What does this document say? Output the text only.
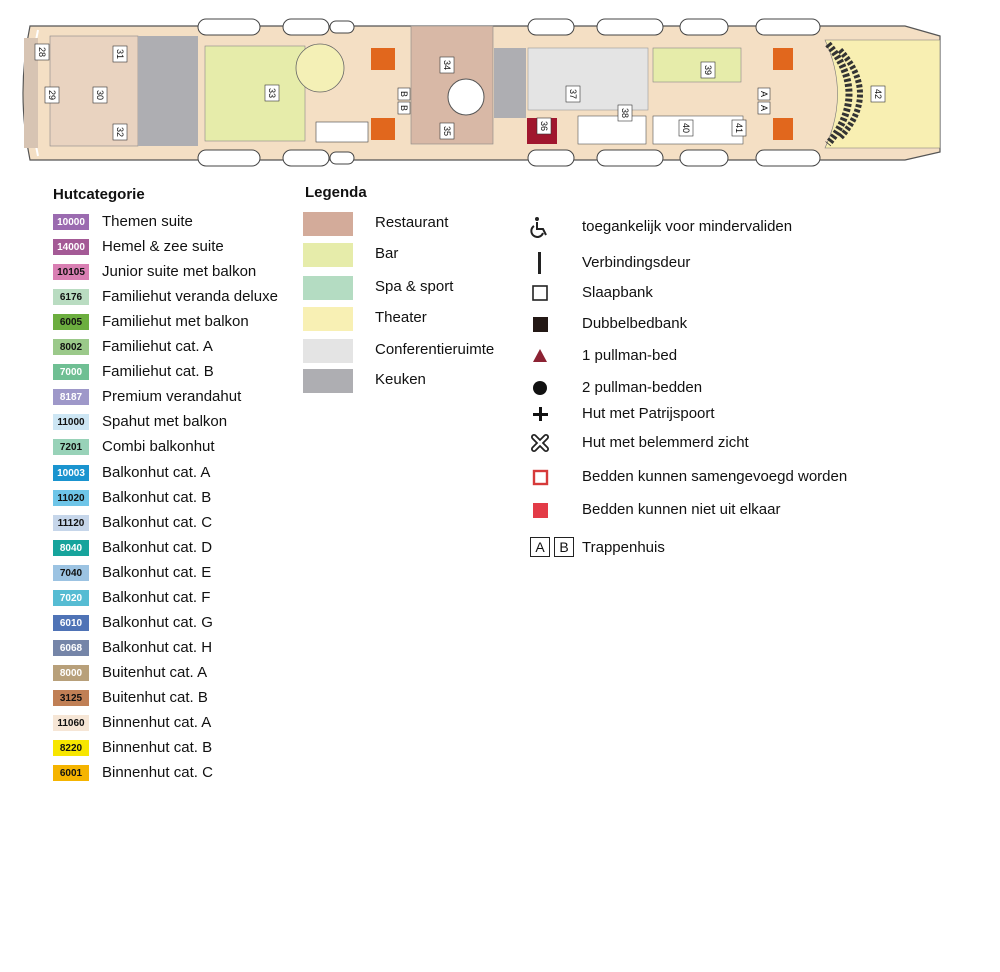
28
29	30
31
32
33
34
35	36
37
38
39
40	41
42
B
B
A
A
Hutcategorie
10000 Themen suite
14000 Hemel & zee suite
10105 Junior suite met balkon
6176	Familiehut veranda deluxe
6005	Familiehut met balkon
8002	Familiehut cat. A
7000	Familiehut cat. B
8187	Premium verandahut
11000 Spahut met balkon
7201	Combi balkonhut
10003 Balkonhut cat. A
11020 Balkonhut cat. B
11120	Balkonhut cat. C
8040	Balkonhut cat. D
7040	Balkonhut cat. E
7020	Balkonhut cat. F
6010	Balkonhut cat. G
6068	Balkonhut cat. H
8000	Buitenhut cat. A
3125	Buitenhut cat. B
11060 Binnenhut cat. A
8220	Binnenhut cat. B
6001	Binnenhut cat. C
Legenda
Restaurant
Bar
Spa & sport
Theater
Conferentieruimte
Keuken
toegankelijk voor mindervaliden
Verbindingsdeur
Slaapbank
Dubbelbedbank
1 pullman-bed
2 pullman-bedden
Hut met Patrijspoort
Hut met belemmerd zicht
Bedden kunnen samengevoegd worden
Bedden kunnen niet uit elkaar
A	B Trappenhuis
